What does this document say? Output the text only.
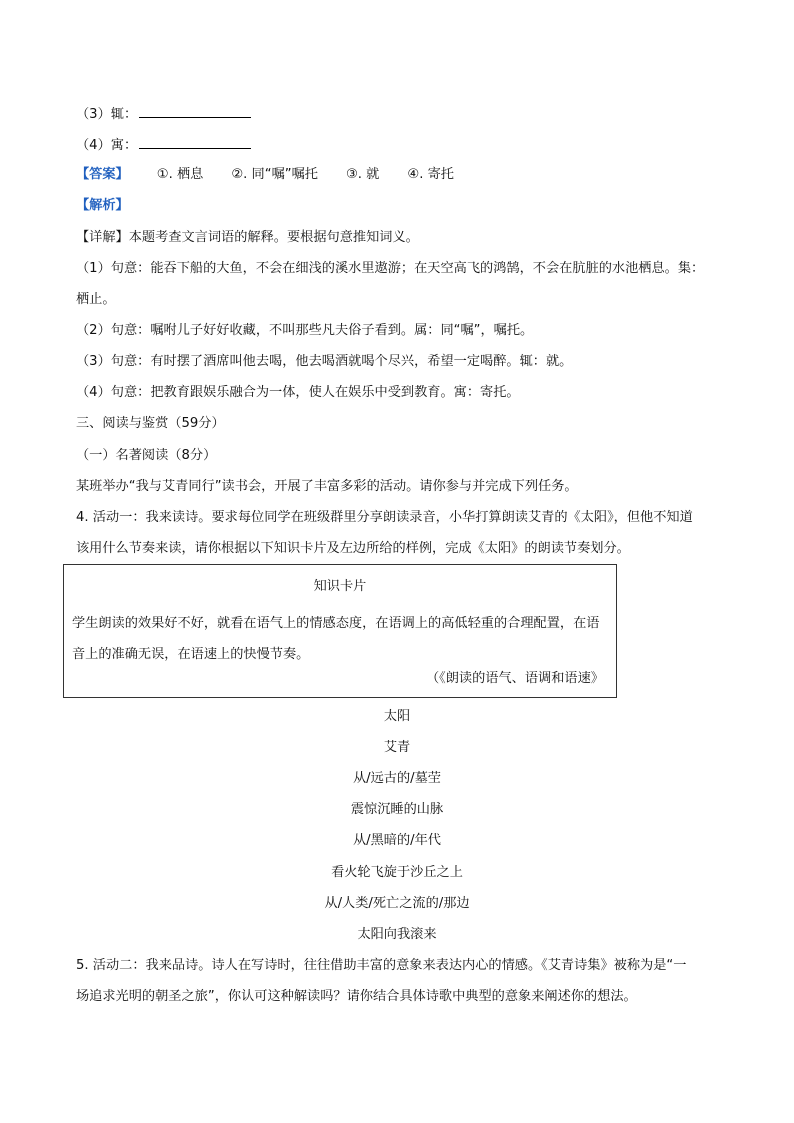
（3）辄：
（4）寓：
【答案】 ①. 栖息 ②. 同“嘱”嘱托 ③. 就 ④. 寄托
【解析】
【详解】本题考查文言词语的解释。要根据句意推知词义。
（1）句意：能吞下船的大鱼，不会在细浅的溪水里遨游；在天空高飞的鸿鹄，不会在肮脏的水池栖息。集：
栖止。
（2）句意：嘱咐儿子好好收藏，不叫那些凡夫俗子看到。属：同“嘱”，嘱托。
（3）句意：有时摆了酒席叫他去喝，他去喝酒就喝个尽兴，希望一定喝醉。辄：就。
（4）句意：把教育跟娱乐融合为一体，使人在娱乐中受到教育。寓：寄托。
三、阅读与鉴赏（59分）
（一）名著阅读（8分）
某班举办“我与艾青同行”读书会，开展了丰富多彩的活动。请你参与并完成下列任务。
4. 活动一：我来读诗。要求每位同学在班级群里分享朗读录音，小华打算朗读艾青的《太阳》，但他不知道
该用什么节奏来读，请你根据以下知识卡片及左边所给的样例，完成《太阳》的朗读节奏划分。
知识卡片
学生朗读的效果好不好，就看在语气上的情感态度，在语调上的高低轻重的合理配置，在语音上的准确无误，在语速上的快慢节奏。
（《朗读的语气、语调和语速》
太阳
艾青
从/远古的/墓茔
震惊沉睡的山脉
从/黑暗的/年代
看火轮飞旋于沙丘之上
从/人类/死亡之流的/那边
太阳向我滚来
5. 活动二：我来品诗。诗人在写诗时，往往借助丰富的意象来表达内心的情感。《艾青诗集》被称为是“一
场追求光明的朝圣之旅”，你认可这种解读吗？请你结合具体诗歌中典型的意象来阐述你的想法。
